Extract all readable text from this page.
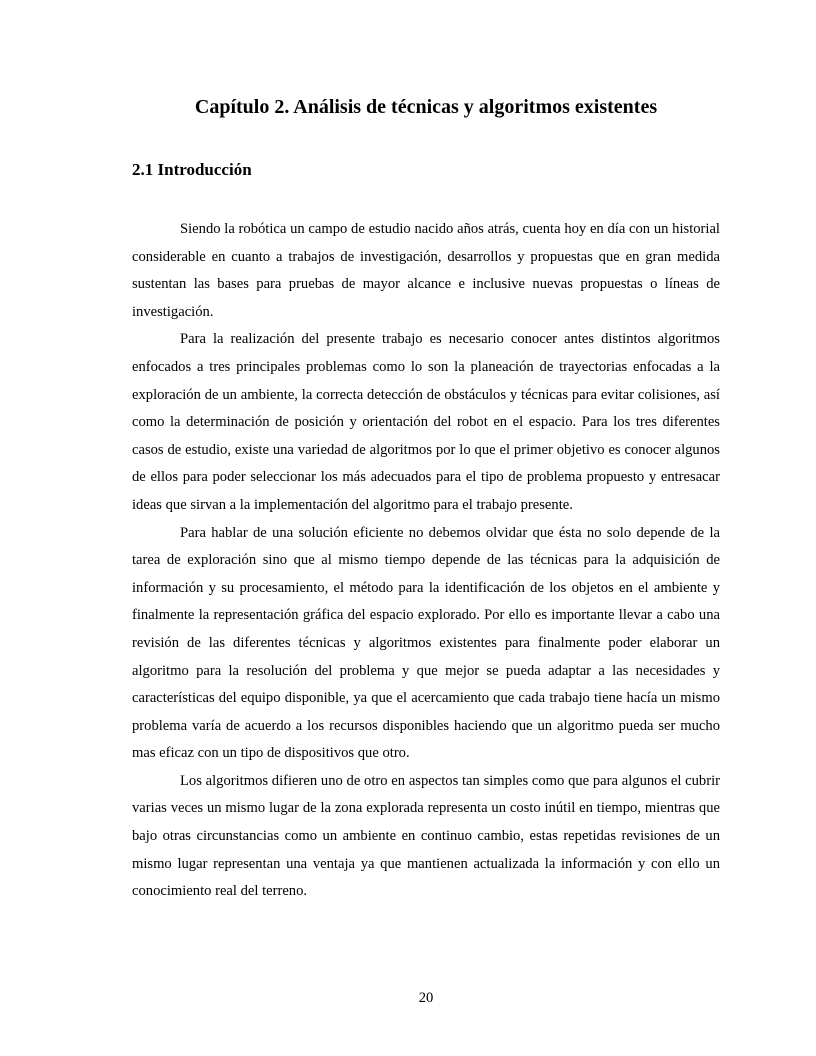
Capítulo 2. Análisis de técnicas y algoritmos existentes
2.1 Introducción

Siendo la robótica un campo de estudio nacido años atrás, cuenta hoy en día con un historial considerable en cuanto a trabajos de investigación, desarrollos y propuestas que en gran medida sustentan las bases para pruebas de mayor alcance e inclusive nuevas propuestas o líneas de investigación.

Para la realización del presente trabajo es necesario conocer antes distintos algoritmos enfocados a tres principales problemas como lo son la planeación de trayectorias enfocadas a la exploración de un ambiente, la correcta detección de obstáculos y técnicas para evitar colisiones, así como la determinación de posición y orientación del robot en el espacio. Para los tres diferentes casos de estudio, existe una variedad de algoritmos por lo que el primer objetivo es conocer algunos de ellos para poder seleccionar los más adecuados para el tipo de problema propuesto y entresacar ideas que sirvan a la implementación del algoritmo para el trabajo presente.

Para hablar de una solución eficiente no debemos olvidar que ésta no solo depende de la tarea de exploración sino que al mismo tiempo depende de las técnicas para la adquisición de información y su procesamiento, el método para la identificación de los objetos en el ambiente y finalmente la representación gráfica del espacio explorado. Por ello es importante llevar a cabo una revisión de las diferentes técnicas y algoritmos existentes para finalmente poder elaborar un algoritmo para la resolución del problema y que mejor se pueda adaptar a las necesidades y características del equipo disponible, ya que el acercamiento que cada trabajo tiene hacía un mismo problema varía de acuerdo a los recursos disponibles haciendo que un algoritmo pueda ser mucho mas eficaz con un tipo de dispositivos que otro.

Los algoritmos difieren uno de otro en aspectos tan simples como que para algunos el cubrir varias veces un mismo lugar de la zona explorada representa un costo inútil en tiempo, mientras que bajo otras circunstancias como un ambiente en continuo cambio, estas repetidas revisiones de un mismo lugar representan una ventaja ya que mantienen actualizada la información y con ello un conocimiento real del terreno.

20
